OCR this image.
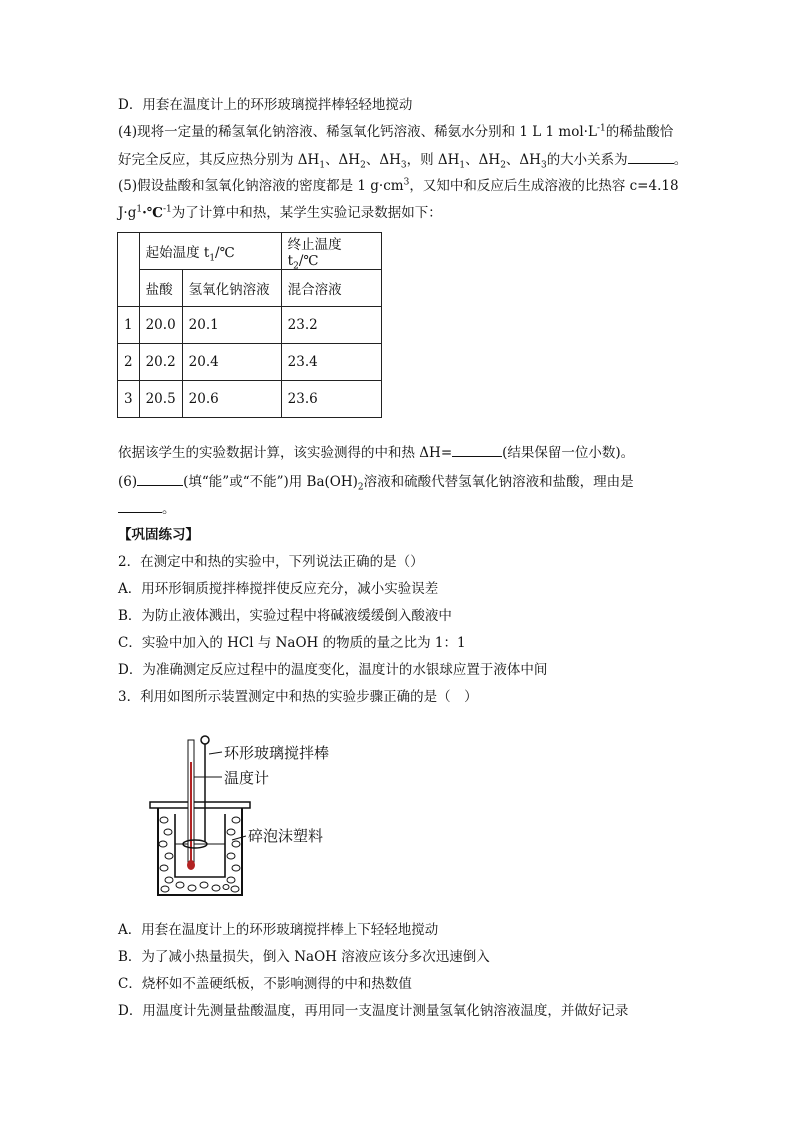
D．用套在温度计上的环形玻璃搅拌棒轻轻地搅动
(4)现将一定量的稀氢氧化钠溶液、稀氢氧化钙溶液、稀氨水分别和 1 L 1 $mol\cdot L^{-1}$的稀盐酸恰
好完全反应，其反应热分别为 $\Delta H_1$、$\Delta H_2$、$\Delta H_3$，则 $\Delta H_1$、$\Delta H_2$、$\Delta H_3$的大小关系为	。
(5)假设盐酸和氢氧化钠溶液的密度都是 1 $g\cdot cm^3$，又知中和反应后生成溶液的比热容 c=4.18
$J\cdot g^1\cdot℃^{-1}$为了计算中和热，某学生实验记录数据如下：
	起始温度 $t_1/℃$		终止温度 $t_2/℃$
	盐酸	氢氧化钠溶液	混合溶液
1	20.0	20.1	23.2
2	20.2	20.4	23.4
3	20.5	20.6	23.6
依据该学生的实验数据计算，该实验测得的中和热 ΔH=	(结果保留一位小数)。
(6)	(填“能”或“不能”)用 $Ba(OH)_2$溶液和硫酸代替氢氧化钠溶液和盐酸，理由是
。
【巩固练习】
2．在测定中和热的实验中，下列说法正确的是（）
A．用环形铜质搅拌棒搅拌使反应充分，减小实验误差
B．为防止液体溅出，实验过程中将碱液缓缓倒入酸液中
C．实验中加入的 HCl 与 NaOH 的物质的量之比为 1：1
D．为准确测定反应过程中的温度变化，温度计的水银球应置于液体中间
3．利用如图所示装置测定中和热的实验步骤正确的是（　）
环形玻璃搅拌棒
温度计
碎泡沫塑料
A．用套在温度计上的环形玻璃搅拌棒上下轻轻地搅动
B．为了减小热量损失，倒入 NaOH 溶液应该分多次迅速倒入
C．烧杯如不盖硬纸板，不影响测得的中和热数值
D．用温度计先测量盐酸温度，再用同一支温度计测量氢氧化钠溶液温度，并做好记录
